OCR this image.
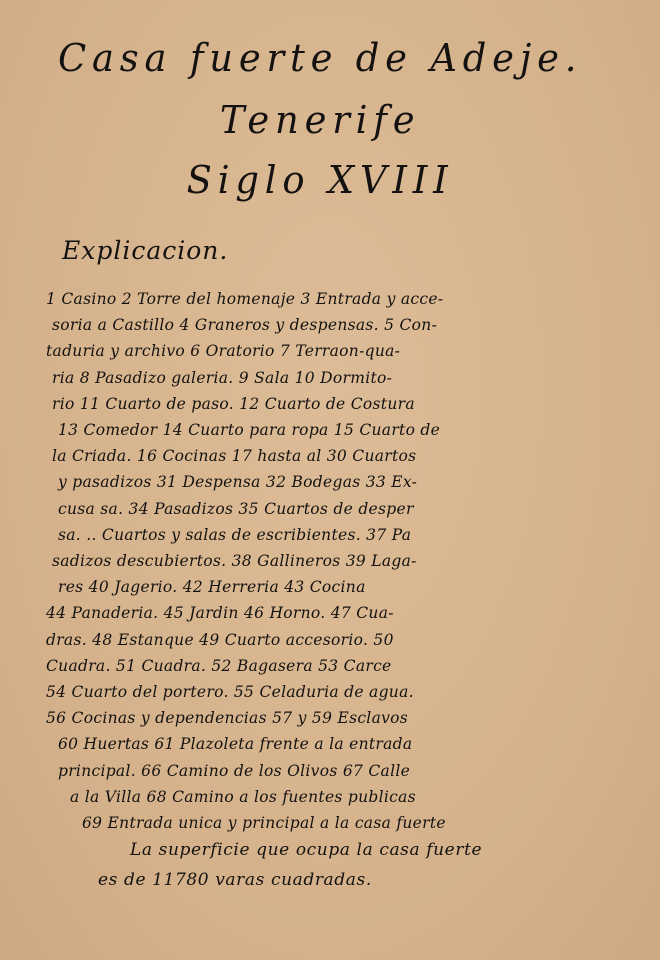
Casa fuerte de Adeje.
Tenerife
Siglo XVIII
Explicacion.
1 Casino 2 Torre del homenaje 3 Entrada y acce-
soria a Castillo 4 Graneros y despensas. 5 Con-
taduria y archivo 6 Oratorio 7 Terraon-qua-
ria 8 Pasadizo galeria. 9 Sala 10 Dormito-
rio 11 Cuarto de paso. 12 Cuarto de Costura
13 Comedor 14 Cuarto para ropa 15 Cuarto de
la Criada. 16 Cocinas 17 hasta al 30 Cuartos
y pasadizos 31 Despensa 32 Bodegas 33 Ex-
cusa sa. 34 Pasadizos 35 Cuartos de desper
sa. .. Cuartos y salas de escribientes. 37 Pa
sadizos descubiertos. 38 Gallineros 39 Laga-
res 40 Jagerio. 42 Herreria 43 Cocina
44 Panaderia. 45 Jardin 46 Horno. 47 Cua-
dras. 48 Estanque 49 Cuarto accesorio. 50
Cuadra. 51 Cuadra. 52 Bagasera 53 Carce
54 Cuarto del portero. 55 Celaduria de agua.
56 Cocinas y dependencias 57 y 59 Esclavos
60 Huertas 61 Plazoleta frente a la entrada
principal. 66 Camino de los Olivos 67 Calle
a la Villa 68 Camino a los fuentes publicas
69 Entrada unica y principal a la casa fuerte
La superficie que ocupa la casa fuerte
es de 11780 varas cuadradas.
